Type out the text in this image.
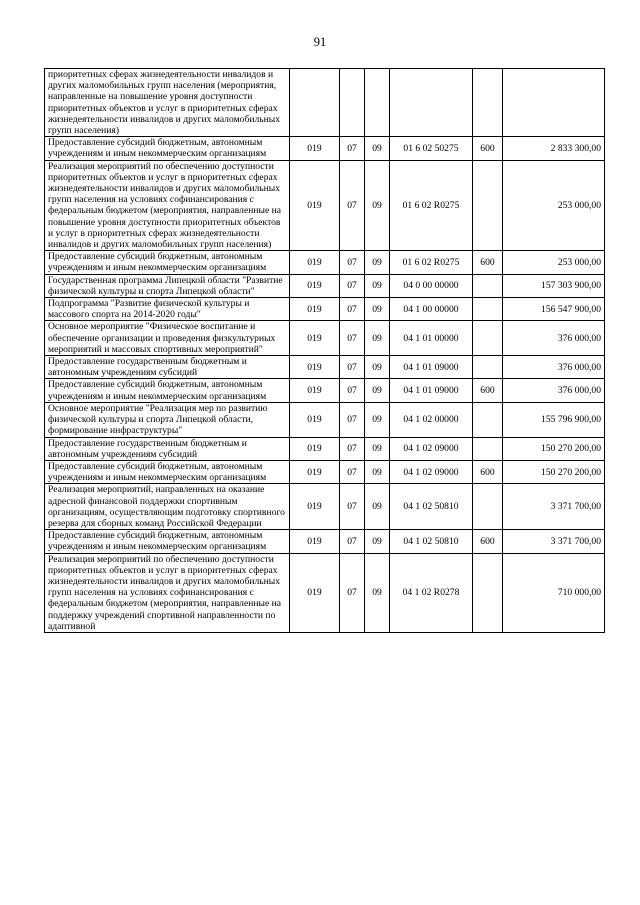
91
приоритетных сферах жизнедеятельности инвалидов и других маломобильных групп населения (мероприятия, направленные на повышение уровня доступности приоритетных объектов и услуг в приоритетных сферах жизнедеятельности инвалидов и других маломобильных групп населения)						
Предоставление субсидий бюджетным, автономным учреждениям и иным некоммерческим организациям	019	07	09	01 6 02 50275	600	2 833 300,00
Реализация мероприятий по обеспечению доступности приоритетных объектов и услуг в приоритетных сферах жизнедеятельности инвалидов и других маломобильных групп населения на условиях софинансирования с федеральным бюджетом (мероприятия, направленные на повышение уровня доступности приоритетных объектов и услуг в приоритетных сферах жизнедеятельности инвалидов и других маломобильных групп населения)	019	07	09	01 6 02 R0275		253 000,00
Предоставление субсидий бюджетным, автономным учреждениям и иным некоммерческим организациям	019	07	09	01 6 02 R0275	600	253 000,00
Государственная программа Липецкой области "Развитие физической культуры и спорта Липецкой области"	019	07	09	04 0 00 00000		157 303 900,00
Подпрограмма "Развитие физической культуры и массового спорта на 2014-2020 годы"	019	07	09	04 1 00 00000		156 547 900,00
Основное мероприятие "Физическое воспитание и обеспечение организации и проведения физкультурных мероприятий и массовых спортивных мероприятий"	019	07	09	04 1 01 00000		376 000,00
Предоставление государственным бюджетным и автономным учреждениям субсидий	019	07	09	04 1 01 09000		376 000,00
Предоставление субсидий бюджетным, автономным учреждениям и иным некоммерческим организациям	019	07	09	04 1 01 09000	600	376 000,00
Основное мероприятие "Реализация мер по развитию физической культуры и спорта Липецкой области, формирование инфраструктуры"	019	07	09	04 1 02 00000		155 796 900,00
Предоставление государственным бюджетным и автономным учреждениям субсидий	019	07	09	04 1 02 09000		150 270 200,00
Предоставление субсидий бюджетным, автономным учреждениям и иным некоммерческим организациям	019	07	09	04 1 02 09000	600	150 270 200,00
Реализация мероприятий, направленных на оказание адресной финансовой поддержки спортивным организациям, осуществляющим подготовку спортивного резерва для сборных команд Российской Федерации	019	07	09	04 1 02 50810		3 371 700,00
Предоставление субсидий бюджетным, автономным учреждениям и иным некоммерческим организациям	019	07	09	04 1 02 50810	600	3 371 700,00
Реализация мероприятий по обеспечению доступности приоритетных объектов и услуг в приоритетных сферах жизнедеятельности инвалидов и других маломобильных групп населения на условиях софинансирования с федеральным бюджетом (мероприятия, направленные на поддержку учреждений спортивной направленности по адаптивной	019	07	09	04 1 02 R0278		710 000,00
